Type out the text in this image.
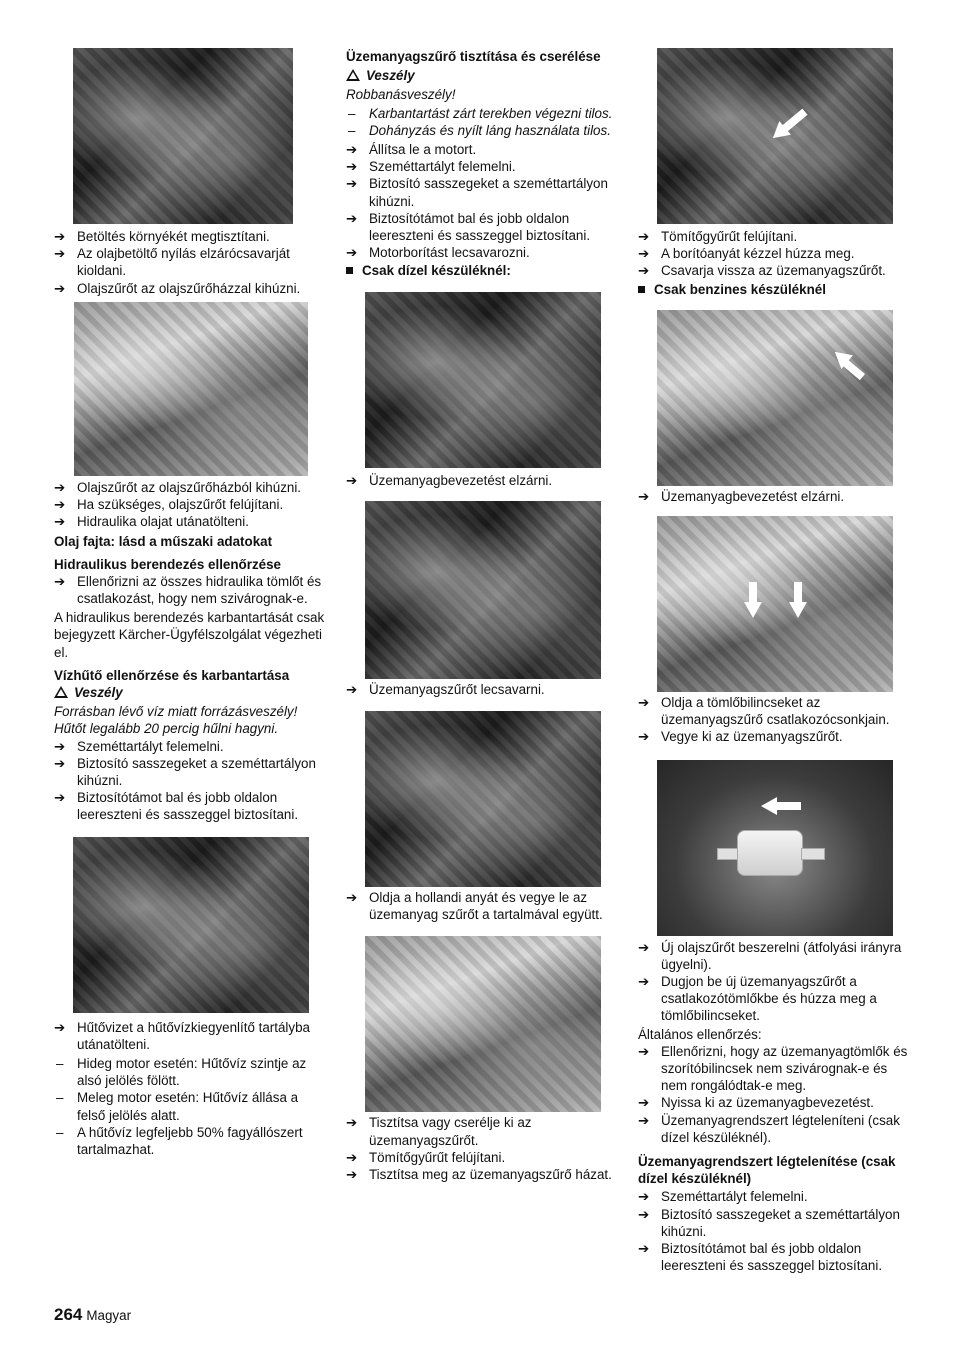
➔ Betöltés környékét megtisztítani.
➔ Az olajbetöltő nyílás elzárócsavarját kioldani.
➔ Olajszűrőt az olajszűrőházzal kihúzni.
➔ Olajszűrőt az olajszűrőházból kihúzni.
➔ Ha szükséges, olajszűrőt felújítani.
➔ Hidraulika olajat utánatölteni.

Olaj fajta: lásd a műszaki adatokat

Hidraulikus berendezés ellenőrzése

➔ Ellenőrizni az összes hidraulika tömlőt és csatlakozást, hogy nem szivárognak-e.

A hidraulikus berendezés karbantartását csak bejegyzett Kärcher-Ügyfélszolgálat végezheti el.

Vízhűtő ellenőrzése és karbantartása

Veszély

Forrásban lévő víz miatt forrázásveszély! Hűtőt legalább 20 percig hűlni hagyni.

➔ Szeméttartályt felemelni.
➔ Biztosító sasszegeket a szeméttartályon kihúzni.
➔ Biztosítótámot bal és jobb oldalon leereszteni és sasszeggel biztosítani.
➔ Hűtővizet a hűtővízkiegyenlítő tartályba utánatölteni.
–	Hideg motor esetén: Hűtővíz szintje az alsó jelölés fölött.
–	Meleg motor esetén: Hűtővíz állása a felső jelölés alatt.
–	A hűtővíz legfeljebb 50% fagyállószert tartalmazhat.

Üzemanyagszűrő tisztítása és cserélése

Veszély

Robbanásveszély!

–	Karbantartást zárt terekben végezni tilos.
–	Dohányzás és nyílt láng használata tilos.
➔ Állítsa le a motort.
➔ Szeméttartályt felemelni.
➔ Biztosító sasszegeket a szeméttartályon kihúzni.
➔ Biztosítótámot bal és jobb oldalon leereszteni és sasszeggel biztosítani.
➔ Motorborítást lecsavarozni.

Csak dízel készüléknél:

➔ Üzemanyagbevezetést elzárni.
➔ Üzemanyagszűrőt lecsavarni.
➔ Oldja a hollandi anyát és vegye le az üzemanyag szűrőt a tartalmával együtt.
➔ Tisztítsa vagy cserélje ki az üzemanyagszűrőt.
➔ Tömítőgyűrűt felújítani.
➔ Tisztítsa meg az üzemanyagszűrő házat.
➔ Tömítőgyűrűt felújítani.
➔ A borítóanyát kézzel húzza meg.
➔ Csavarja vissza az üzemanyagszűrőt.

Csak benzines készüléknél

➔ Üzemanyagbevezetést elzárni.
➔ Oldja a tömlőbilincseket az üzemanyagszűrő csatlakozócsonkjain.
➔ Vegye ki az üzemanyagszűrőt.
➔ Új olajszűrőt beszerelni (átfolyási irányra ügyelni).
➔ Dugjon be új üzemanyagszűrőt a csatlakozótömlőkbe és húzza meg a tömlőbilincseket.

Általános ellenőrzés:

➔ Ellenőrizni, hogy az üzemanyagtömlők és szorítóbilincsek nem szivárognak-e és nem rongálódtak-e meg.
➔ Nyissa ki az üzemanyagbevezetést.
➔ Üzemanyagrendszert légteleníteni (csak dízel készüléknél).

Üzemanyagrendszert légtelenítése (csak dízel készüléknél)

➔ Szeméttartályt felemelni.
➔ Biztosító sasszegeket a szeméttartályon kihúzni.
➔ Biztosítótámot bal és jobb oldalon leereszteni és sasszeggel biztosítani.
264 Magyar
